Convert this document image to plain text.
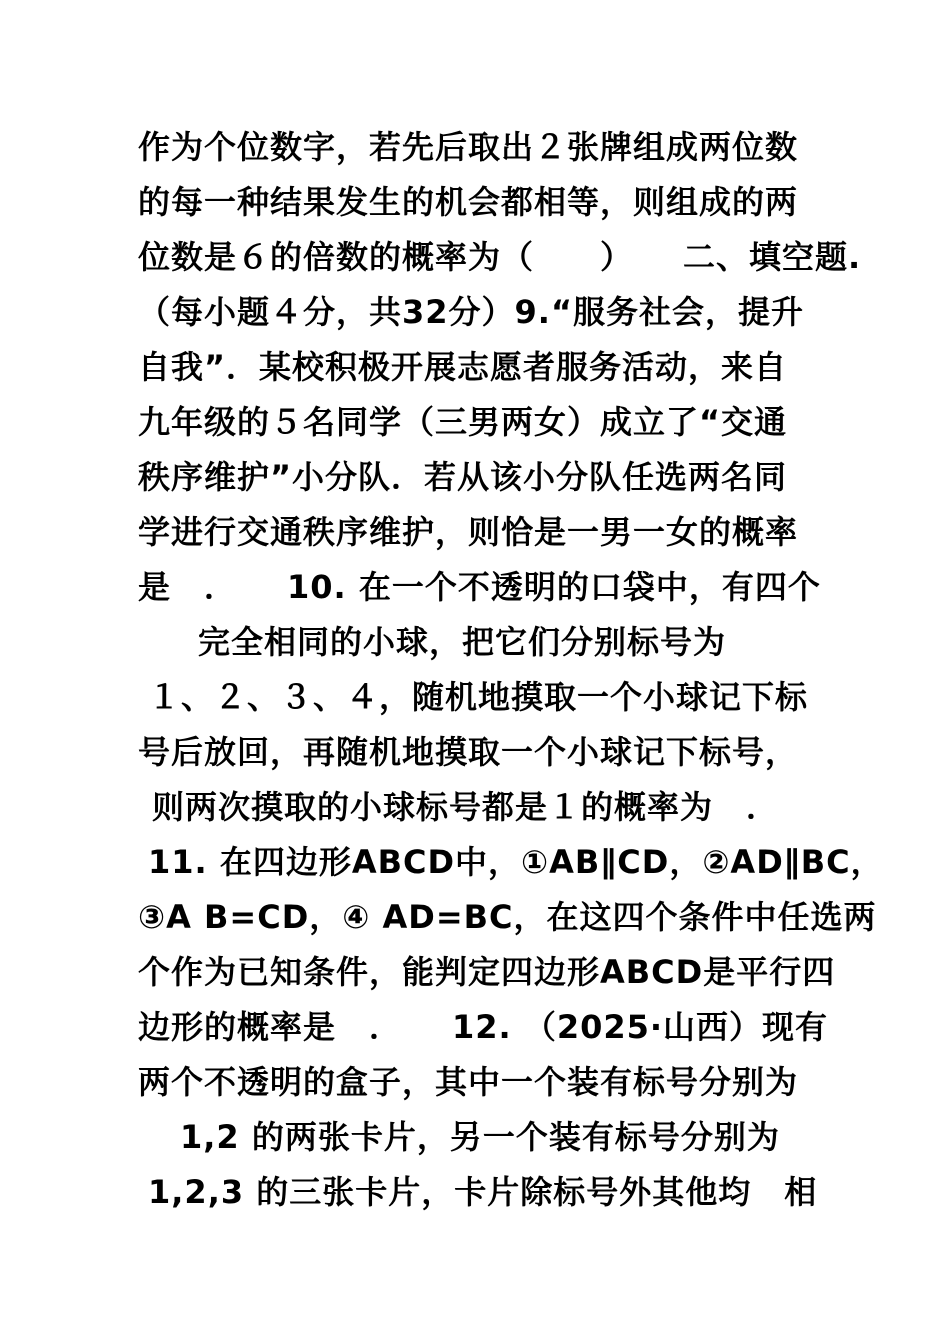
作为个位数字，若先后取出２张牌组成两位数
的每一种结果发生的机会都相等，则组成的两
位数是６的倍数的概率为（　　）　　二、填空题.
（每小题４分，共32分）9.“服务社会，提升
自我”．某校积极开展志愿者服务活动，来自
九年级的５名同学（三男两女）成立了“交通
秩序维护”小分队．若从该小分队任选两名同
学进行交通秩序维护，则恰是一男一女的概率
是　．　　10. 在一个不透明的口袋中，有四个
　完全相同的小球，把它们分别标号为
１、２、３、４，随机地摸取一个小球记下标
号后放回，再随机地摸取一个小球记下标号，
则两次摸取的小球标号都是１的概率为　．
11. 在四边形ABCD中，①AB∥CD，②AD∥BC，
③A B=CD，④ AD=BC，在这四个条件中任选两
个作为已知条件，能判定四边形ABCD是平行四
边形的概率是　．　　12. （2025·山西）现有
两个不透明的盒子，其中一个装有标号分别为
1,2 的两张卡片，另一个装有标号分别为
1,2,3 的三张卡片，卡片除标号外其他均　相
